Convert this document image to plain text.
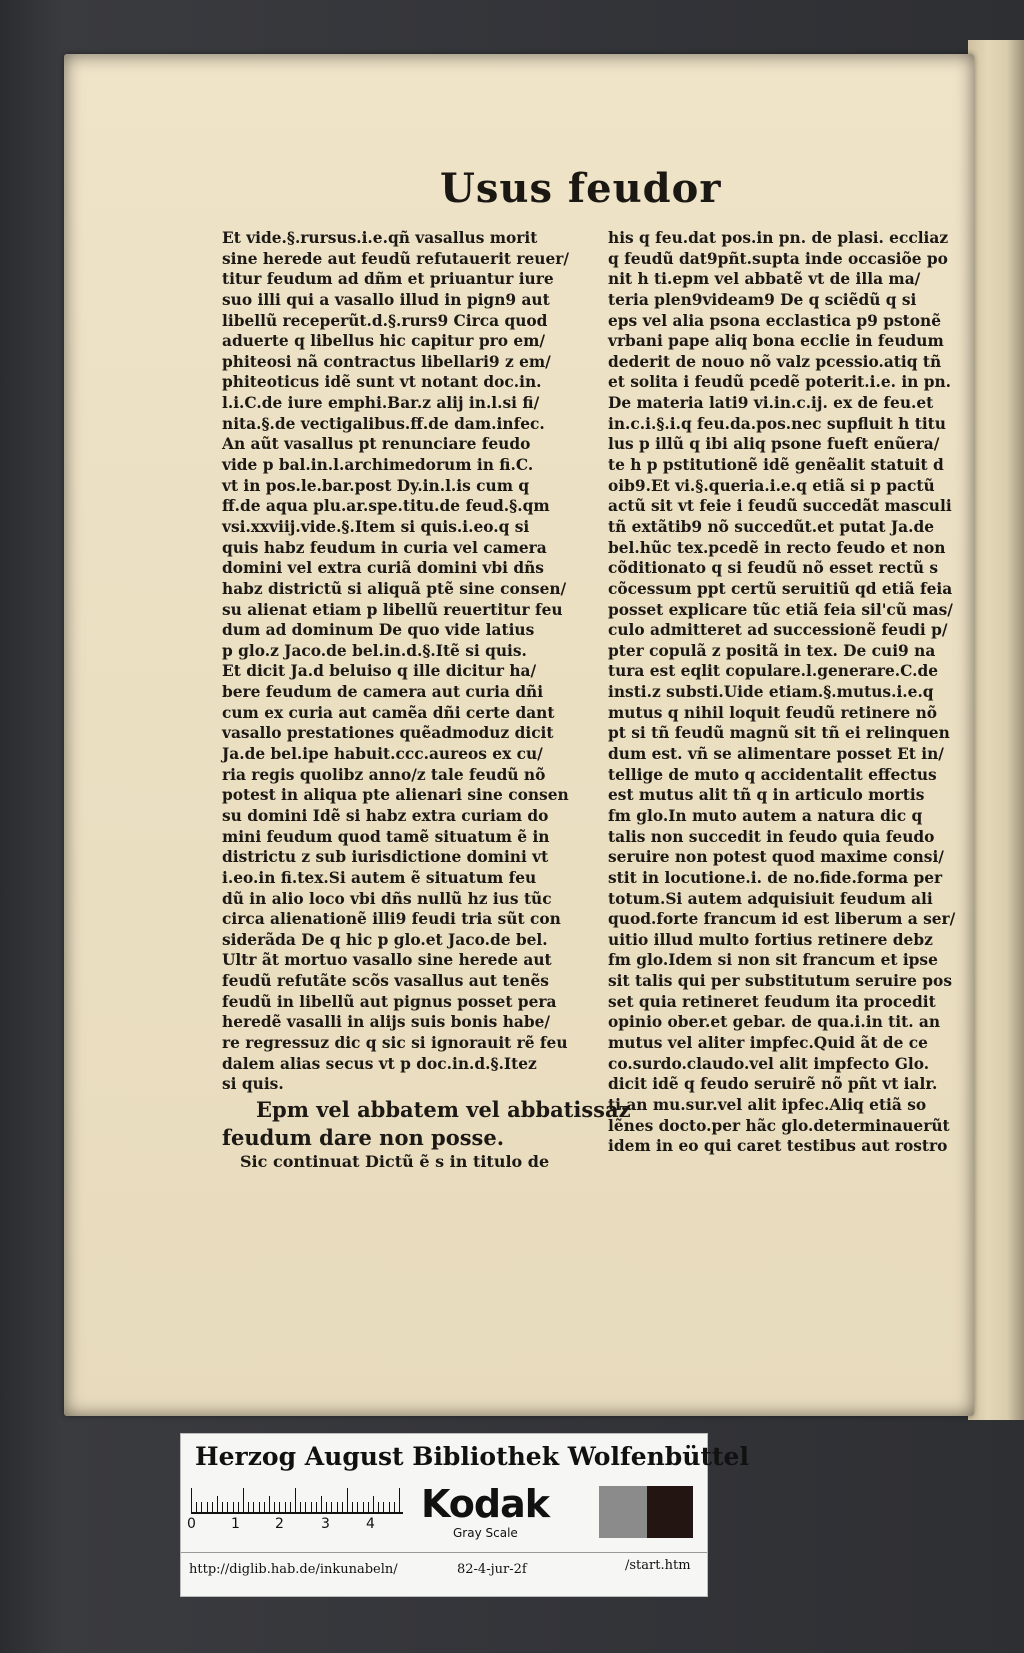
Usus feudor
Et vide.§.rursus.i.e.qñ vasallus morit
sine herede aut feudũ refutauerit reuer/
titur feudum ad dñm et priuantur iure
suo illi qui a vasallo illud in pign9 aut
libellũ receperũt.d.§.rurs9 Circa quod
aduerte q libellus hic capitur pro em/
phiteosi nã contractus libellari9 z em/
phiteoticus idẽ sunt vt notant doc.in.
l.i.C.de iure emphi.Bar.z alij in.l.si fi/
nita.§.de vectigalibus.ff.de dam.infec.
An aũt vasallus pt renunciare feudo
vide p bal.in.l.archimedorum in fi.C.
vt in pos.le.bar.post Dy.in.l.is cum q
ff.de aqua plu.ar.spe.titu.de feud.§.qm
vsi.xxviij.vide.§.Item si quis.i.eo.q si
quis habz feudum in curia vel camera
domini vel extra curiã domini vbi dñs
habz districtũ si aliquã ptẽ sine consen/
su alienat etiam p libellũ reuertitur feu
dum ad dominum De quo vide latius
p glo.z Jaco.de bel.in.d.§.Itẽ si quis.
Et dicit Ja.d beluiso q ille dicitur ha/
bere feudum de camera aut curia dñi
cum ex curia aut camẽa dñi certe dant
vasallo prestationes quẽadmoduz dicit
Ja.de bel.ipe habuit.ccc.aureos ex cu/
ria regis quolibz anno/z tale feudũ nõ
potest in aliqua pte alienari sine consen
su domini Idẽ si habz extra curiam do
mini feudum quod tamẽ situatum ẽ in
districtu z sub iurisdictione domini vt
i.eo.in fi.tex.Si autem ẽ situatum feu
dũ in alio loco vbi dñs nullũ hz ius tũc
circa alienationẽ illi9 feudi tria sũt con
siderãda De q hic p glo.et Jaco.de bel.
Ultr ãt mortuo vasallo sine herede aut
feudũ refutãte scõs vasallus aut tenẽs
feudũ in libellũ aut pignus posset pera
heredẽ vasalli in alijs suis bonis habe/
re regressuz dic q sic si ignorauit rẽ feu
dalem alias secus vt p doc.in.d.§.Itez
si quis.
Epm vel abbatem vel abbatissaz
feudum dare non posse.
Sic continuat Dictũ ẽ s in titulo de
his q feu.dat pos.in pn. de plasi. eccliaz
q feudũ dat9pñt.supta inde occasiõe po
nit h ti.epm vel abbatẽ vt de illa ma/
teria plen9videam9 De q sciẽdũ q si
eps vel alia psona ecclastica p9 pstonẽ
vrbani pape aliq bona ecclie in feudum
dederit de nouo nõ valz pcessio.atiq tñ
et solita i feudũ pcedẽ poterit.i.e. in pn.
De materia lati9 vi.in.c.ij. ex de feu.et
in.c.i.§.i.q feu.da.pos.nec supfluit h titu
lus p illũ q ibi aliq psone fueft enũera/
te h p pstitutionẽ idẽ genẽalit statuit d
oib9.Et vi.§.queria.i.e.q etiã si p pactũ
actũ sit vt feie i feudũ succedãt masculi
tñ extãtib9 nõ succedũt.et putat Ja.de
bel.hũc tex.pcedẽ in recto feudo et non
cõditionato q si feudũ nõ esset rectũ s
cõcessum ppt certũ seruitiũ qd etiã feia
posset explicare tũc etiã feia sil'cũ mas/
culo admitteret ad successionẽ feudi p/
pter copulã z positã in tex. De cui9 na
tura est eqlit copulare.l.generare.C.de
insti.z substi.Uide etiam.§.mutus.i.e.q
mutus q nihil loquit feudũ retinere nõ
pt si tñ feudũ magnũ sit tñ ei relinquen
dum est. vñ se alimentare posset Et in/
tellige de muto q accidentalit effectus
est mutus alit tñ q in articulo mortis
fm glo.In muto autem a natura dic q
talis non succedit in feudo quia feudo
seruire non potest quod maxime consi/
stit in locutione.i. de no.fide.forma per
totum.Si autem adquisiuit feudum ali
quod.forte francum id est liberum a ser/
uitio illud multo fortius retinere debz
fm glo.Idem si non sit francum et ipse
sit talis qui per substitutum seruire pos
set quia retineret feudum ita procedit
opinio ober.et gebar. de qua.i.in tit. an
mutus vel aliter impfec.Quid ãt de ce
co.surdo.claudo.vel alit impfecto Glo.
dicit idẽ q feudo seruirẽ nõ pñt vt ialr.
ti.an mu.sur.vel alit ipfec.Aliq etiã so
lẽnes docto.per hãc glo.determinauerũt
idem in eo qui caret testibus aut rostro
Herzog August Bibliothek Wolfenbüttel
0	1	2	3	4 Kodak
Gray Scale
http://diglib.hab.de/inkunabeln/	82-4-jur-2f	/start.htm
